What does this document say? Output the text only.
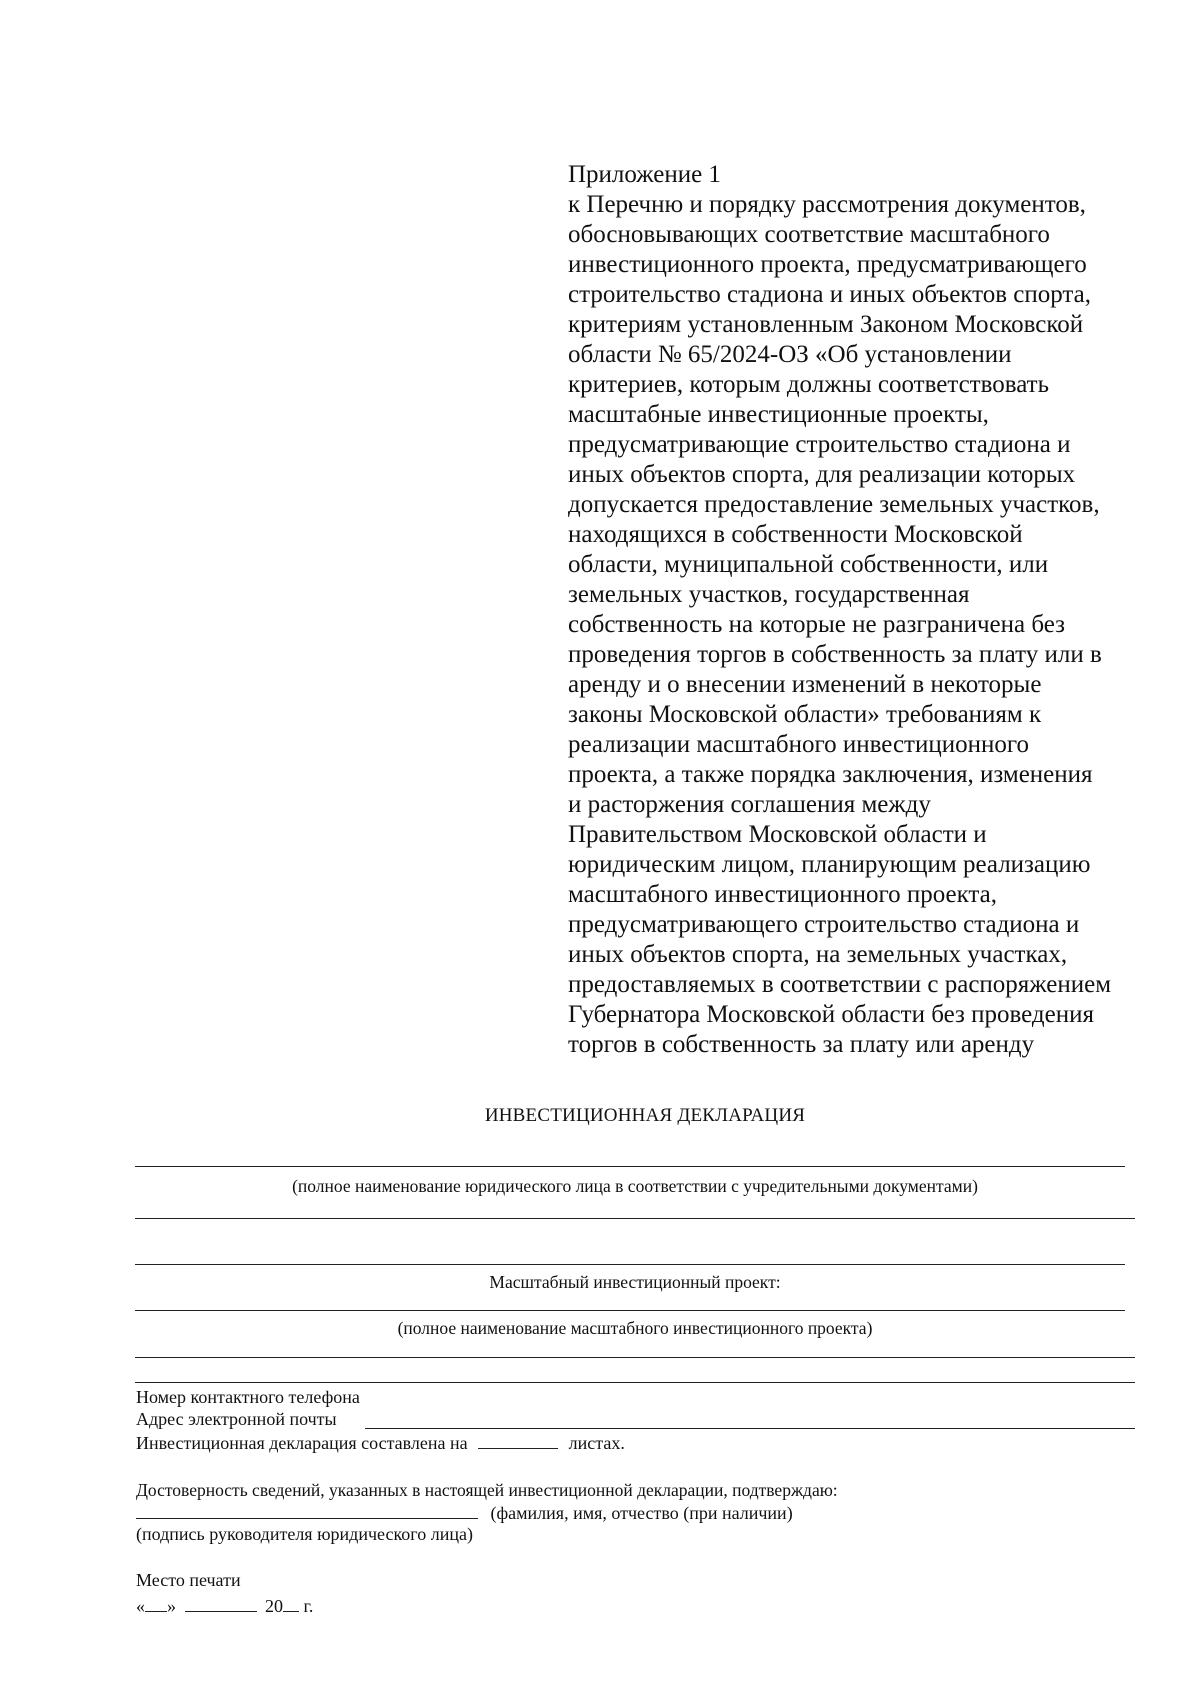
Приложение 1
к Перечню и порядку рассмотрения документов,
обосновывающих соответствие масштабного
инвестиционного проекта, предусматривающего
строительство стадиона и иных объектов спорта,
критериям установленным Законом Московской
области № 65/2024-ОЗ «Об установлении
критериев, которым должны соответствовать
масштабные инвестиционные проекты,
предусматривающие строительство стадиона и
иных объектов спорта, для реализации которых
допускается предоставление земельных участков,
находящихся в собственности Московской
области, муниципальной собственности, или
земельных участков, государственная
собственность на которые не разграничена без
проведения торгов в собственность за плату или в
аренду и о внесении изменений в некоторые
законы Московской области» требованиям к
реализации масштабного инвестиционного
проекта, а также порядка заключения, изменения
и расторжения соглашения между
Правительством Московской области и
юридическим лицом, планирующим реализацию
масштабного инвестиционного проекта,
предусматривающего строительство стадиона и
иных объектов спорта, на земельных участках,
предоставляемых в соответствии с распоряжением
Губернатора Московской области без проведения
торгов в собственность за плату или аренду
ИНВЕСТИЦИОННАЯ ДЕКЛАРАЦИЯ
(полное наименование юридического лица в соответствии с учредительными документами)
Масштабный инвестиционный проект:
(полное наименование масштабного инвестиционного проекта)
Номер контактного телефона
Адрес электронной почты
Инвестиционная декларация составлена на	листах.
Достоверность сведений, указанных в настоящей инвестиционной декларации, подтверждаю:
(фамилия, имя, отчество (при наличии)
(подпись руководителя юридического лица)
Место печати
« »	20 г.
